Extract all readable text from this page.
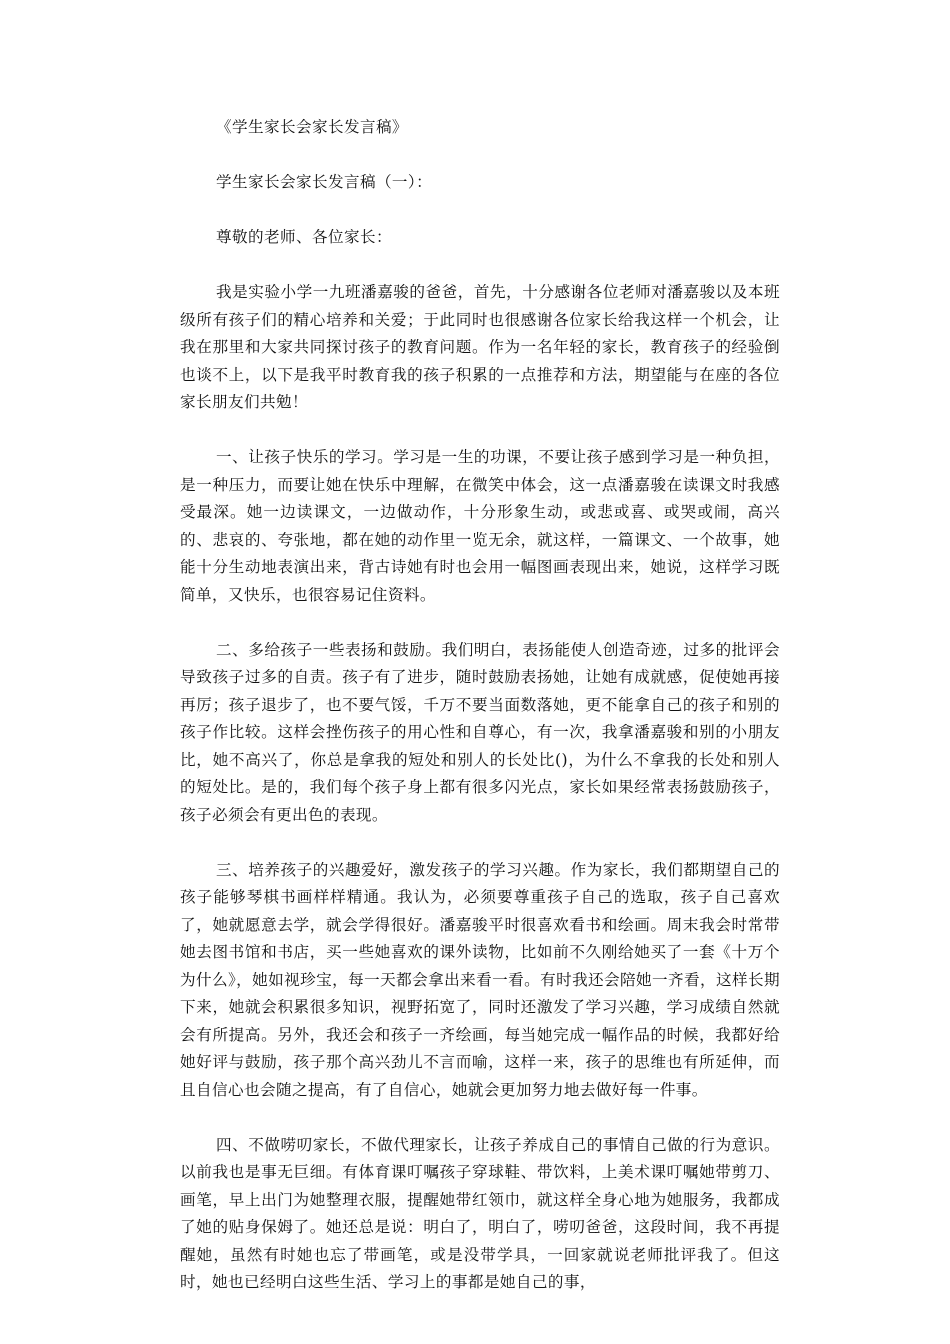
《学生家长会家长发言稿》

学生家长会家长发言稿（一）：

尊敬的老师、各位家长：

我是实验小学一九班潘嘉骏的爸爸，首先，十分感谢各位老师对潘嘉骏以及本班级所有孩子们的精心培养和关爱；于此同时也很感谢各位家长给我这样一个机会，让我在那里和大家共同探讨孩子的教育问题。作为一名年轻的家长，教育孩子的经验倒也谈不上，以下是我平时教育我的孩子积累的一点推荐和方法，期望能与在座的各位家长朋友们共勉！

一、让孩子快乐的学习。学习是一生的功课，不要让孩子感到学习是一种负担，是一种压力，而要让她在快乐中理解，在微笑中体会，这一点潘嘉骏在读课文时我感受最深。她一边读课文，一边做动作，十分形象生动，或悲或喜、或哭或闹，高兴的、悲哀的、夸张地，都在她的动作里一览无余，就这样，一篇课文、一个故事，她能十分生动地表演出来，背古诗她有时也会用一幅图画表现出来，她说，这样学习既简单，又快乐，也很容易记住资料。

二、多给孩子一些表扬和鼓励。我们明白，表扬能使人创造奇迹，过多的批评会导致孩子过多的自责。孩子有了进步，随时鼓励表扬她，让她有成就感，促使她再接再厉；孩子退步了，也不要气馁，千万不要当面数落她，更不能拿自己的孩子和别的孩子作比较。这样会挫伤孩子的用心性和自尊心，有一次，我拿潘嘉骏和别的小朋友比，她不高兴了，你总是拿我的短处和别人的长处比()，为什么不拿我的长处和别人的短处比。是的，我们每个孩子身上都有很多闪光点，家长如果经常表扬鼓励孩子，孩子必须会有更出色的表现。

三、培养孩子的兴趣爱好，激发孩子的学习兴趣。作为家长，我们都期望自己的孩子能够琴棋书画样样精通。我认为，必须要尊重孩子自己的选取，孩子自己喜欢了，她就愿意去学，就会学得很好。潘嘉骏平时很喜欢看书和绘画。周末我会时常带她去图书馆和书店，买一些她喜欢的课外读物，比如前不久刚给她买了一套《十万个为什么》，她如视珍宝，每一天都会拿出来看一看。有时我还会陪她一齐看，这样长期下来，她就会积累很多知识，视野拓宽了，同时还激发了学习兴趣，学习成绩自然就会有所提高。另外，我还会和孩子一齐绘画，每当她完成一幅作品的时候，我都好给她好评与鼓励，孩子那个高兴劲儿不言而喻，这样一来，孩子的思维也有所延伸，而且自信心也会随之提高，有了自信心，她就会更加努力地去做好每一件事。

四、不做唠叨家长，不做代理家长，让孩子养成自己的事情自己做的行为意识。以前我也是事无巨细。有体育课叮嘱孩子穿球鞋、带饮料，上美术课叮嘱她带剪刀、画笔，早上出门为她整理衣服，提醒她带红领巾，就这样全身心地为她服务，我都成了她的贴身保姆了。她还总是说：明白了，明白了，唠叨爸爸，这段时间，我不再提醒她，虽然有时她也忘了带画笔，或是没带学具，一回家就说老师批评我了。但这时，她也已经明白这些生活、学习上的事都是她自己的事，
